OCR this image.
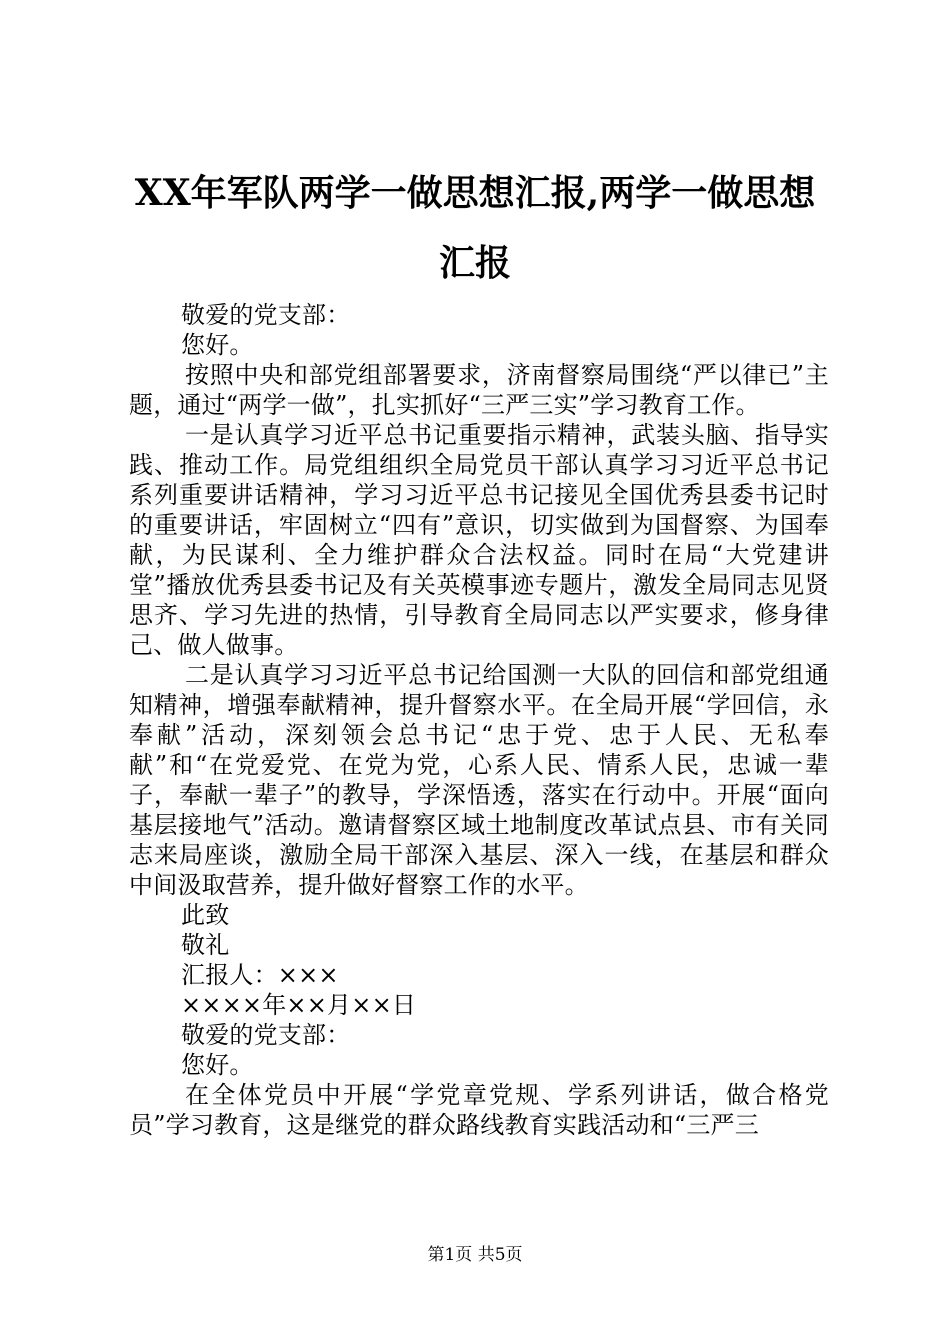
XX年军队两学一做思想汇报,两学一做思想汇报

敬爱的党支部：

您好。

按照中央和部党组部署要求，济南督察局围绕“严以律已”主题，通过“两学一做”，扎实抓好“三严三实”学习教育工作。

一是认真学习近平总书记重要指示精神，武装头脑、指导实践、推动工作。局党组组织全局党员干部认真学习习近平总书记系列重要讲话精神，学习习近平总书记接见全国优秀县委书记时的重要讲话，牢固树立“四有”意识，切实做到为国督察、为国奉献，为民谋利、全力维护群众合法权益。同时在局“大党建讲堂”播放优秀县委书记及有关英模事迹专题片，激发全局同志见贤思齐、学习先进的热情，引导教育全局同志以严实要求，修身律己、做人做事。

二是认真学习习近平总书记给国测一大队的回信和部党组通知精神，增强奉献精神，提升督察水平。在全局开展“学回信，永奉献”活动，深刻领会总书记“忠于党、忠于人民、无私奉献”和“在党爱党、在党为党，心系人民、情系人民，忠诚一辈子，奉献一辈子”的教导，学深悟透，落实在行动中。开展“面向基层接地气”活动。邀请督察区域土地制度改革试点县、市有关同志来局座谈，激励全局干部深入基层、深入一线，在基层和群众中间汲取营养，提升做好督察工作的水平。

此致

敬礼

汇报人：×××

××××年××月××日

敬爱的党支部：

您好。

在全体党员中开展“学党章党规、学系列讲话，做合格党员”学习教育，这是继党的群众路线教育实践活动和“三严三

第1页 共5页
